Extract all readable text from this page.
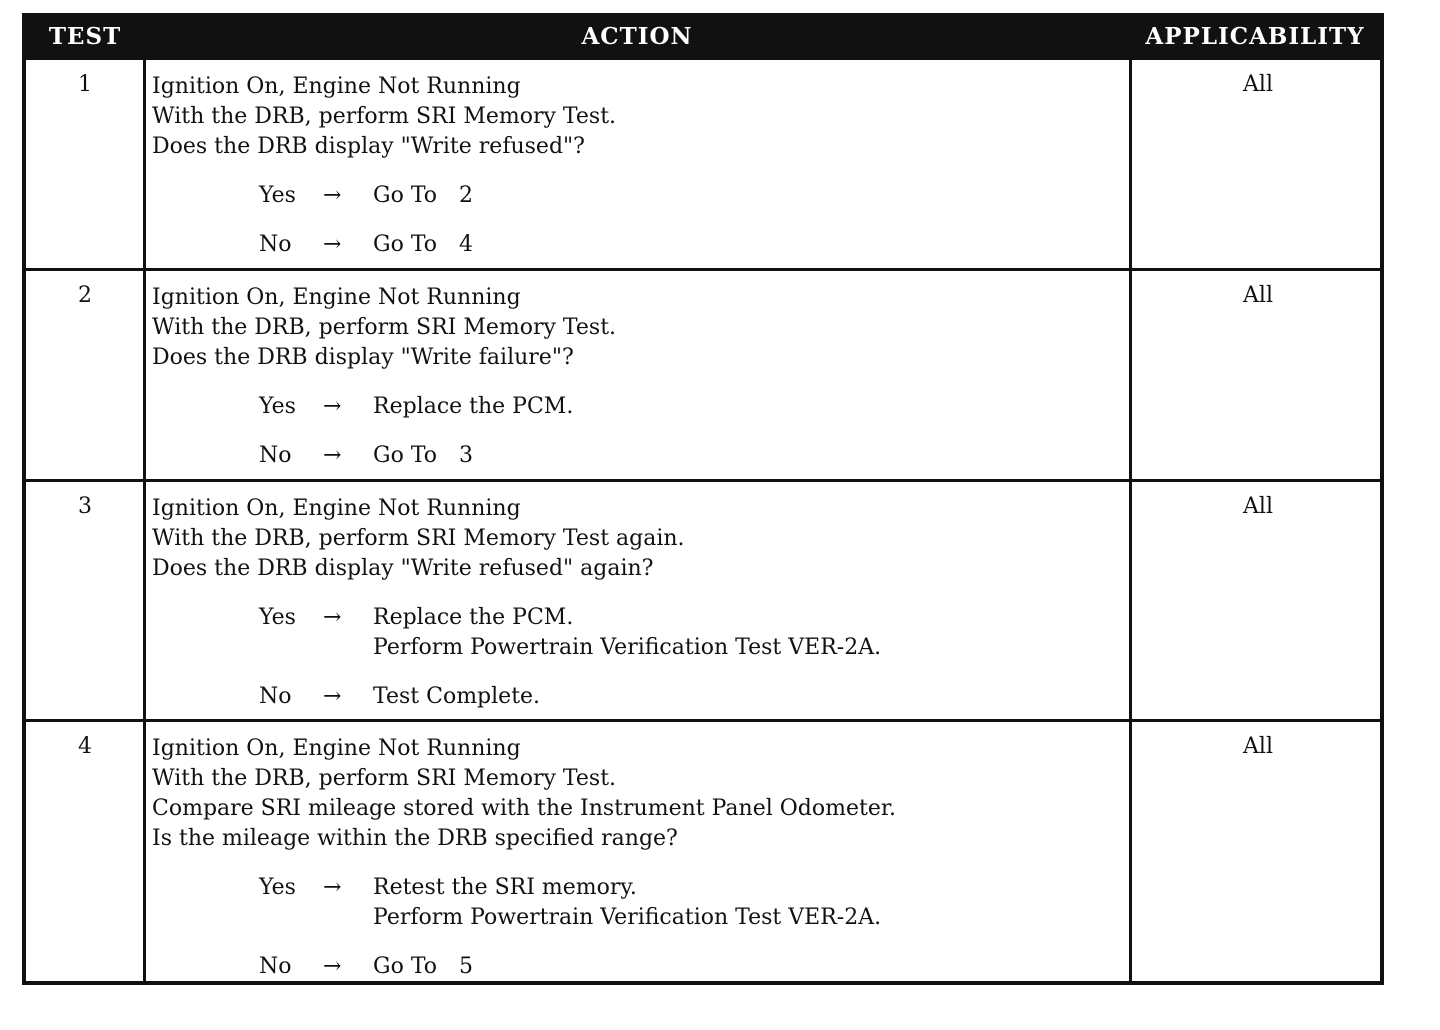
TEST	ACTION	APPLICABILITY
1	Ignition On, Engine Not Running
With the DRB, perform SRI Memory Test.
Does the DRB display "Write refused"?
Yes → Go To 2
No → Go To 4
All
2	Ignition On, Engine Not Running
With the DRB, perform SRI Memory Test.
Does the DRB display "Write failure"?
Yes → Replace the PCM.
No → Go To 3
All
3	Ignition On, Engine Not Running
With the DRB, perform SRI Memory Test again.
Does the DRB display "Write refused" again?
Yes → Replace the PCM.
Perform Powertrain Verification Test VER-2A.
No → Test Complete.
All
4	Ignition On, Engine Not Running
With the DRB, perform SRI Memory Test.
Compare SRI mileage stored with the Instrument Panel Odometer.
Is the mileage within the DRB specified range?
Yes → Retest the SRI memory.
Perform Powertrain Verification Test VER-2A.
No → Go To 5
All
